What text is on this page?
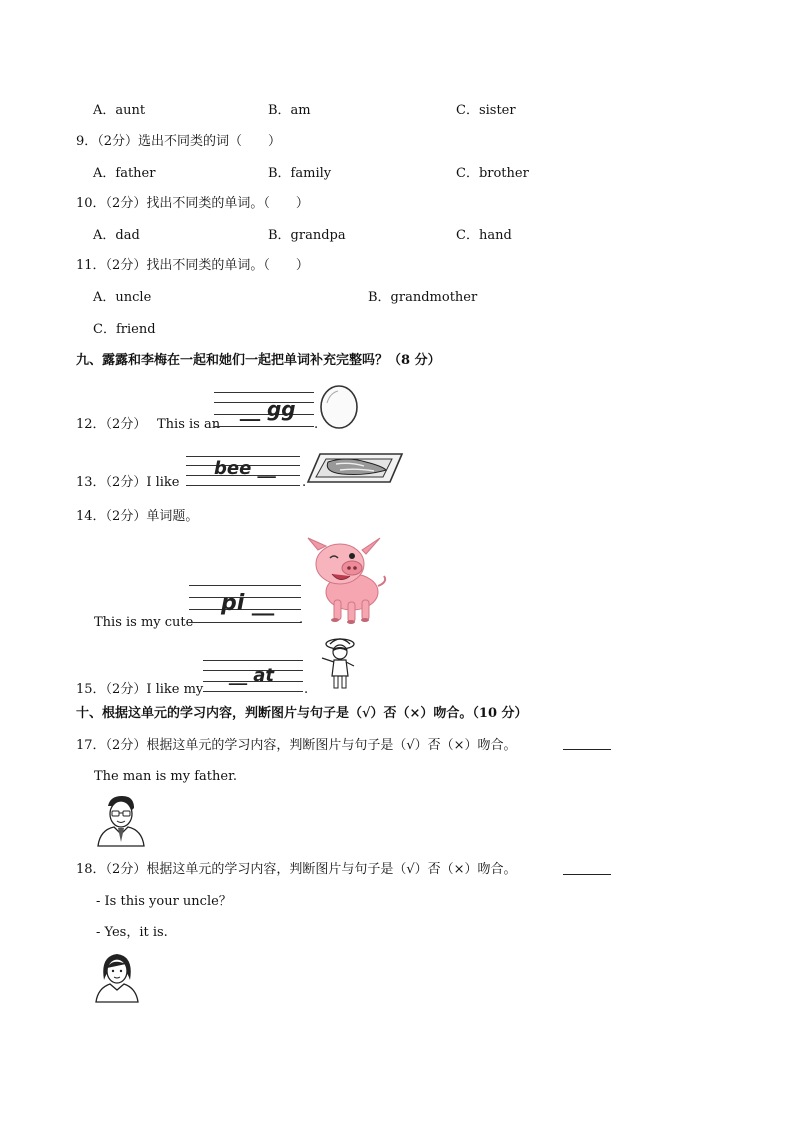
A．aunt	B．am	C．sister
9．（2分）选出不同类的词（　　）
A．father	B．family	C．brother
10．（2分）找出不同类的单词。（　　）
A．dad	B．grandpa	C．hand
11．（2分）找出不同类的单词。（　　）
A．uncle	B．grandmother
C．friend
九、露露和李梅在一起和她们一起把单词补充完整吗？（8 分）
12．（2分） This is an
__ gg
.
13．（2分）I like
bee __
.
14．（2分）单词题。
This is my cute
pi __
.
15．（2分）I like my
__ at
.
十、根据这单元的学习内容，判断图片与句子是（√）否（×）吻合。（10 分）
17．（2分）根据这单元的学习内容，判断图片与句子是（√）否（×）吻合。
The man is my father.
18．（2分）根据这单元的学习内容，判断图片与句子是（√）否（×）吻合。
- Is this your uncle？
- Yes，it is.
